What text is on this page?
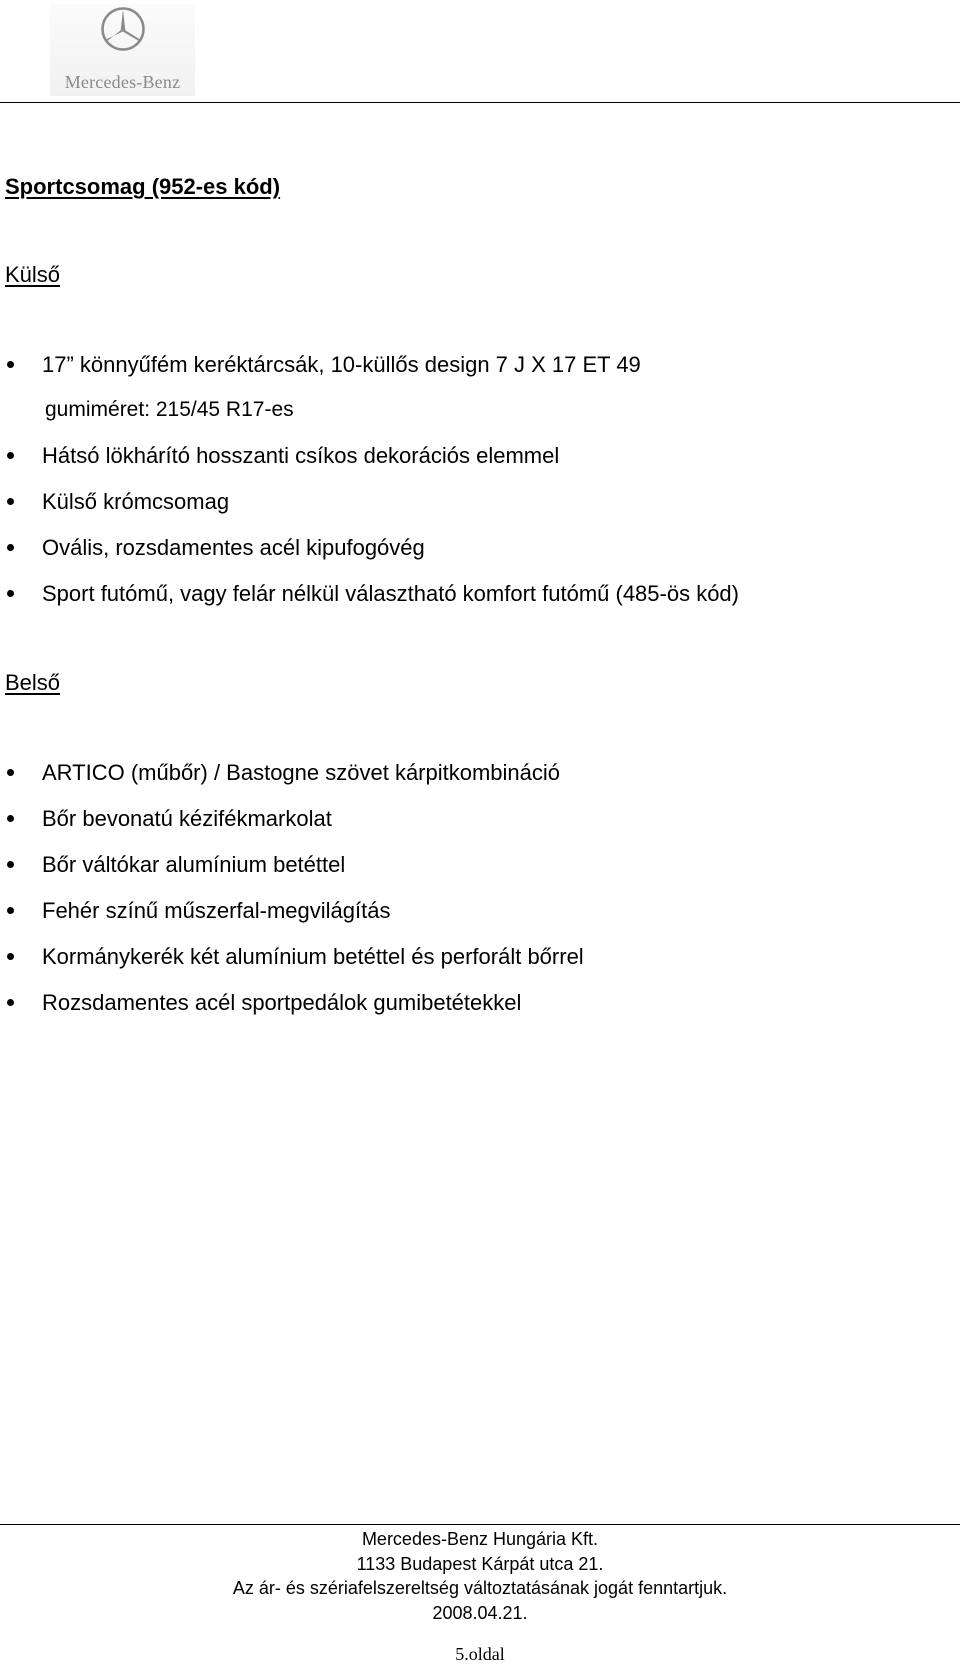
Mercedes-Benz
Sportcsomag (952-es kód)
Külső
17” könnyűfém keréktárcsák, 10-küllős design 7 J X 17 ET 49
gumiméret: 215/45 R17-es
Hátsó lökhárító hosszanti csíkos dekorációs elemmel
Külső krómcsomag
Ovális, rozsdamentes acél kipufogóvég
Sport futómű, vagy felár nélkül választható komfort futómű (485-ös kód)
Belső
ARTICO (műbőr) / Bastogne szövet kárpitkombináció
Bőr bevonatú kézifékmarkolat
Bőr váltókar alumínium betéttel
Fehér színű műszerfal-megvilágítás
Kormánykerék két alumínium betéttel és perforált bőrrel
Rozsdamentes acél sportpedálok gumibetétekkel
Mercedes-Benz Hungária Kft.
1133 Budapest Kárpát utca 21.
Az ár- és szériafelszereltség változtatásának jogát fenntartjuk.
2008.04.21.
5.oldal
